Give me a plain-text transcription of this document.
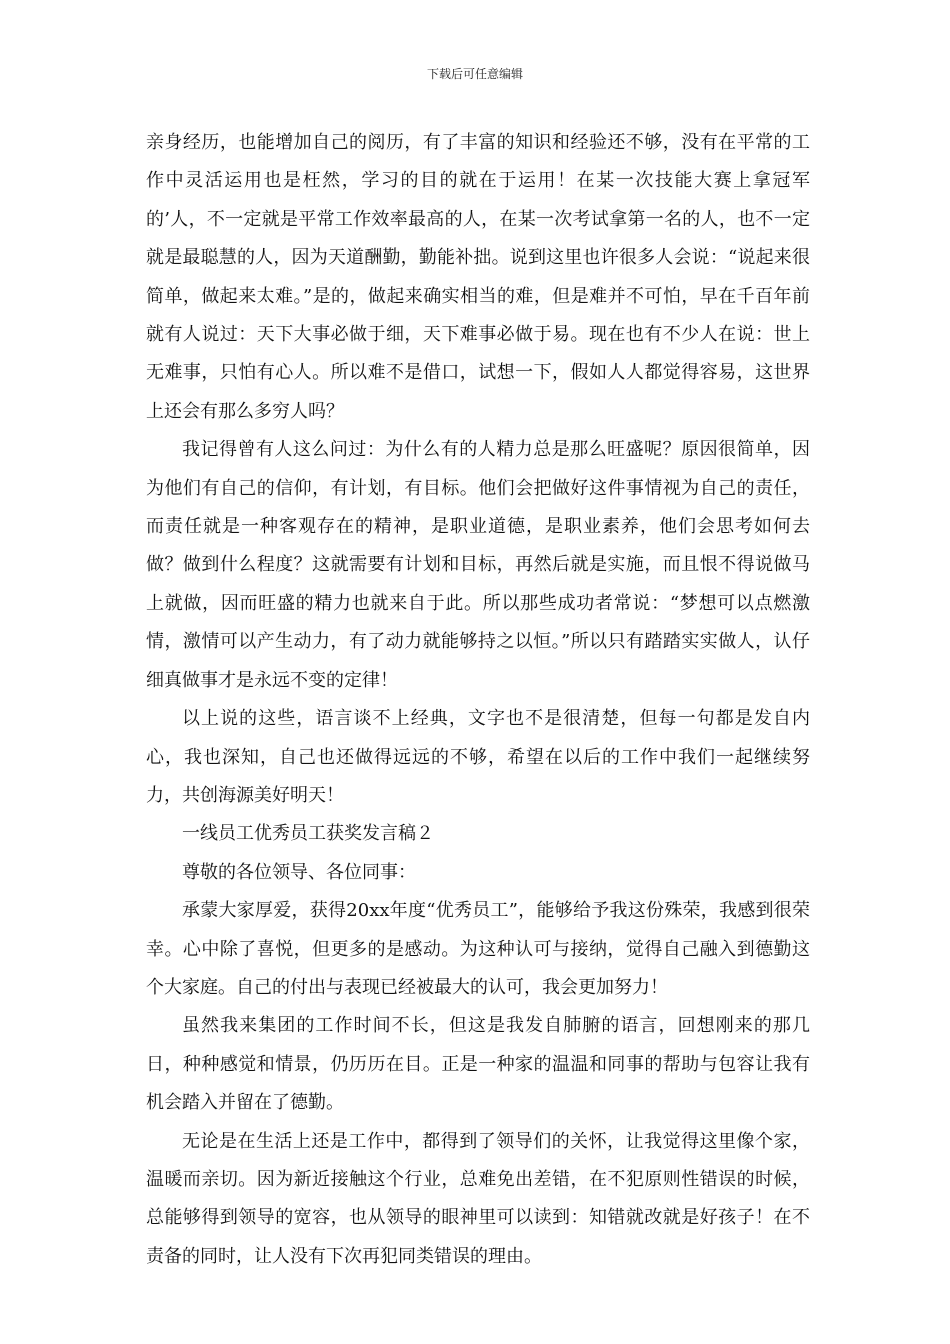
下载后可任意编辑

亲身经历，也能增加自己的阅历，有了丰富的知识和经验还不够，没有在平常的工作中灵活运用也是枉然，学习的目的就在于运用！在某一次技能大赛上拿冠军的’人，不一定就是平常工作效率最高的人，在某一次考试拿第一名的人，也不一定就是最聪慧的人，因为天道酬勤，勤能补拙。说到这里也许很多人会说：“说起来很简单，做起来太难。”是的，做起来确实相当的难，但是难并不可怕，早在千百年前就有人说过：天下大事必做于细，天下难事必做于易。现在也有不少人在说：世上无难事，只怕有心人。所以难不是借口，试想一下，假如人人都觉得容易，这世界上还会有那么多穷人吗？

我记得曾有人这么问过：为什么有的人精力总是那么旺盛呢？原因很简单，因为他们有自己的信仰，有计划，有目标。他们会把做好这件事情视为自己的责任，而责任就是一种客观存在的精神，是职业道德，是职业素养，他们会思考如何去做？做到什么程度？这就需要有计划和目标，再然后就是实施，而且恨不得说做马上就做，因而旺盛的精力也就来自于此。所以那些成功者常说：“梦想可以点燃激情，激情可以产生动力，有了动力就能够持之以恒。”所以只有踏踏实实做人，认仔细真做事才是永远不变的定律！

以上说的这些，语言谈不上经典，文字也不是很清楚，但每一句都是发自内心，我也深知，自己也还做得远远的不够，希望在以后的工作中我们一起继续努力，共创海源美好明天！

一线员工优秀员工获奖发言稿２

尊敬的各位领导、各位同事：

承蒙大家厚爱，获得20xx年度“优秀员工”，能够给予我这份殊荣，我感到很荣幸。心中除了喜悦，但更多的是感动。为这种认可与接纳，觉得自己融入到德勤这个大家庭。自己的付出与表现已经被最大的认可，我会更加努力！

虽然我来集团的工作时间不长，但这是我发自肺腑的语言，回想刚来的那几日，种种感觉和情景，仍历历在目。正是一种家的温温和同事的帮助与包容让我有机会踏入并留在了德勤。

无论是在生活上还是工作中，都得到了领导们的关怀，让我觉得这里像个家，温暖而亲切。因为新近接触这个行业，总难免出差错，在不犯原则性错误的时候，总能够得到领导的宽容，也从领导的眼神里可以读到：知错就改就是好孩子！在不责备的同时，让人没有下次再犯同类错误的理由。
